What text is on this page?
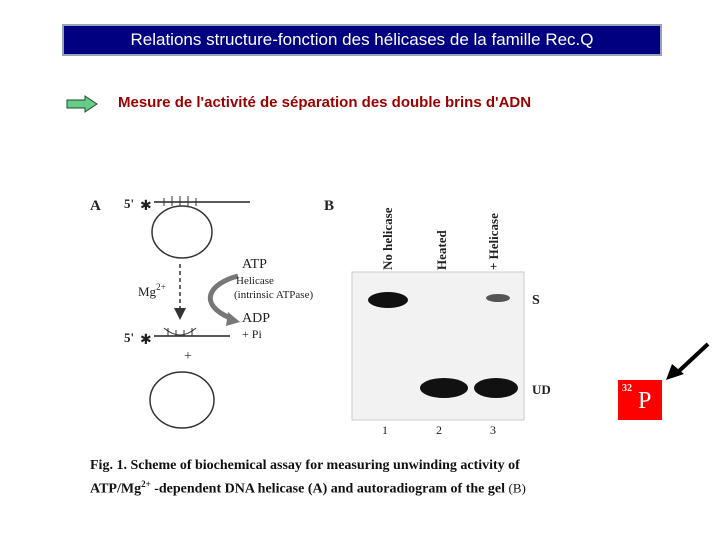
Relations structure-fonction des hélicases de la famille Rec.Q
Mesure de l'activité de séparation des double brins d'ADN
A 5' ✱
$Mg^{2+}$
ATP
Helicase
(intrinsic ATPase)
ADP
+ Pi
5' ✱
+
B
No helicase	Heated	+ Helicase
S
UD
1	2	3
Fig. 1. Scheme of biochemical assay for measuring unwinding activity of
ATP/$Mg^{2+}$ -dependent DNA helicase (A) and autoradiogram of the gel (B)
32 P
